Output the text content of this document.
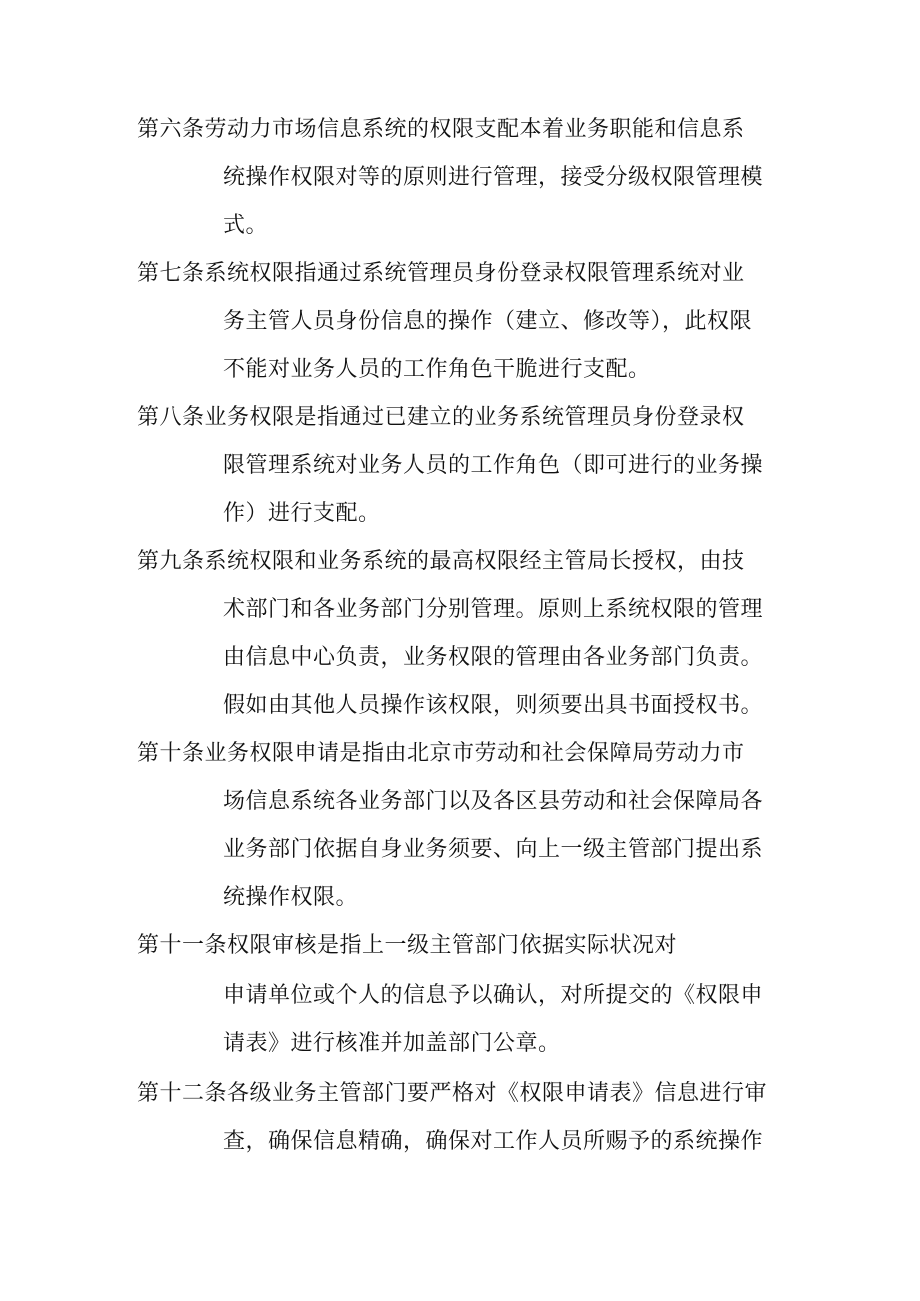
第六条劳动力市场信息系统的权限支配本着业务职能和信息系
统操作权限对等的原则进行管理，接受分级权限管理模
式。
第七条系统权限指通过系统管理员身份登录权限管理系统对业
务主管人员身份信息的操作（建立、修改等），此权限
不能对业务人员的工作角色干脆进行支配。
第八条业务权限是指通过已建立的业务系统管理员身份登录权
限管理系统对业务人员的工作角色（即可进行的业务操
作）进行支配。
第九条系统权限和业务系统的最高权限经主管局长授权，由技
术部门和各业务部门分别管理。原则上系统权限的管理
由信息中心负责，业务权限的管理由各业务部门负责。
假如由其他人员操作该权限，则须要出具书面授权书。
第十条业务权限申请是指由北京市劳动和社会保障局劳动力市
场信息系统各业务部门以及各区县劳动和社会保障局各
业务部门依据自身业务须要、向上一级主管部门提出系
统操作权限。
第十一条权限审核是指上一级主管部门依据实际状况对
申请单位或个人的信息予以确认，对所提交的《权限申
请表》进行核准并加盖部门公章。
第十二条各级业务主管部门要严格对《权限申请表》信息进行审
查，确保信息精确，确保对工作人员所赐予的系统操作
